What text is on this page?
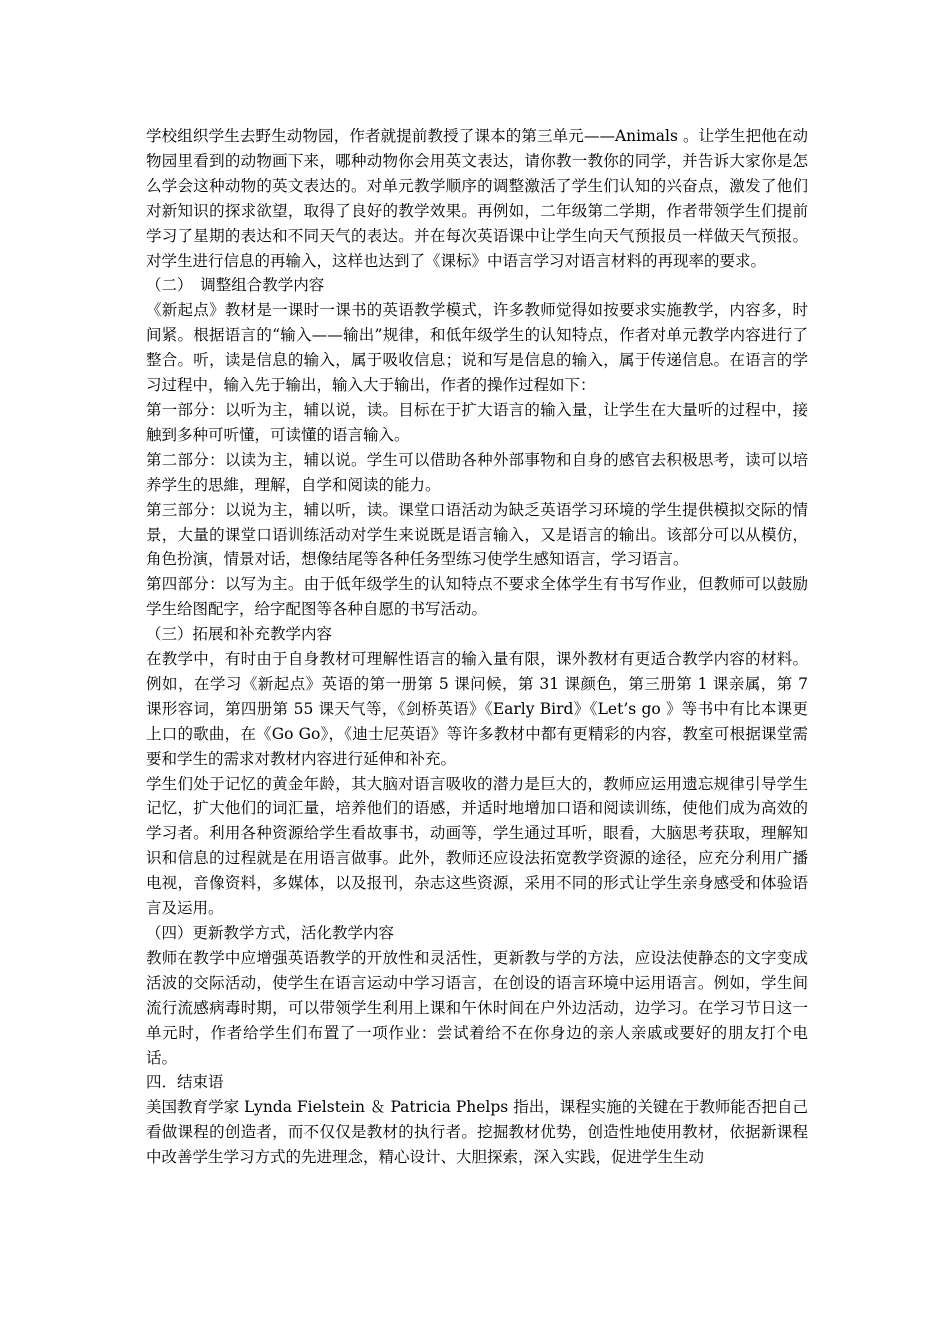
学校组织学生去野生动物园，作者就提前教授了课本的第三单元——Animals 。让学生把他在动物园里看到的动物画下来，哪种动物你会用英文表达，请你教一教你的同学，并告诉大家你是怎么学会这种动物的英文表达的。对单元教学顺序的调整激活了学生们认知的兴奋点，激发了他们对新知识的探求欲望，取得了良好的教学效果。再例如，二年级第二学期，作者带领学生们提前学习了星期的表达和不同天气的表达。并在每次英语课中让学生向天气预报员一样做天气预报。对学生进行信息的再输入，这样也达到了《课标》中语言学习对语言材料的再现率的要求。

（二）　调整组合教学内容

《新起点》教材是一课时一课书的英语教学模式，许多教师觉得如按要求实施教学，内容多，时间紧。根据语言的“输入——输出”规律，和低年级学生的认知特点，作者对单元教学内容进行了整合。听，读是信息的输入，属于吸收信息；说和写是信息的输入，属于传递信息。在语言的学习过程中，输入先于输出，输入大于输出，作者的操作过程如下：

第一部分：以听为主，辅以说，读。目标在于扩大语言的输入量，让学生在大量听的过程中，接触到多种可听懂，可读懂的语言输入。

第二部分：以读为主，辅以说。学生可以借助各种外部事物和自身的感官去积极思考，读可以培养学生的思維，理解，自学和阅读的能力。

第三部分：以说为主，辅以听，读。课堂口语活动为缺乏英语学习环境的学生提供模拟交际的情景，大量的课堂口语训练活动对学生来说既是语言输入，又是语言的输出。该部分可以从模仿，角色扮演，情景对话，想像结尾等各种任务型练习使学生感知语言，学习语言。

第四部分：以写为主。由于低年级学生的认知特点不要求全体学生有书写作业，但教师可以鼓励学生给图配字，给字配图等各种自愿的书写活动。

（三）拓展和补充教学内容

在教学中，有时由于自身教材可理解性语言的输入量有限，课外教材有更适合教学内容的材料。例如，在学习《新起点》英语的第一册第 5 课问候，第 31 课颜色，第三册第 1 课亲属，第 7 课形容词，第四册第 55 课天气等，《剑桥英语》《Early Bird》《Let’s go 》等书中有比本课更上口的歌曲，在《Go Go》，《迪士尼英语》等许多教材中都有更精彩的内容，教室可根据课堂需要和学生的需求对教材内容进行延伸和补充。

学生们处于记忆的黄金年龄，其大脑对语言吸收的潜力是巨大的，教师应运用遗忘规律引导学生记忆，扩大他们的词汇量，培养他们的语感，并适时地增加口语和阅读训练，使他们成为高效的学习者。利用各种资源给学生看故事书，动画等，学生通过耳听，眼看，大脑思考获取，理解知识和信息的过程就是在用语言做事。此外，教师还应设法拓宽教学资源的途径，应充分利用广播电视，音像资料，多媒体，以及报刊，杂志这些资源，采用不同的形式让学生亲身感受和体验语言及运用。

（四）更新教学方式，活化教学内容

教师在教学中应增强英语教学的开放性和灵活性，更新教与学的方法，应设法使静态的文字变成活波的交际活动，使学生在语言运动中学习语言，在创设的语言环境中运用语言。例如，学生间流行流感病毒时期，可以带领学生利用上课和午休时间在户外边活动，边学习。在学习节日这一单元时，作者给学生们布置了一项作业：尝试着给不在你身边的亲人亲戚或要好的朋友打个电话。

四．结束语

美国教育学家 Lynda Fielstein ＆ Patricia Phelps 指出，课程实施的关键在于教师能否把自己看做课程的创造者，而不仅仅是教材的执行者。挖掘教材优势，创造性地使用教材，依据新课程中改善学生学习方式的先进理念，精心设计、大胆探索，深入实践，促进学生生动
